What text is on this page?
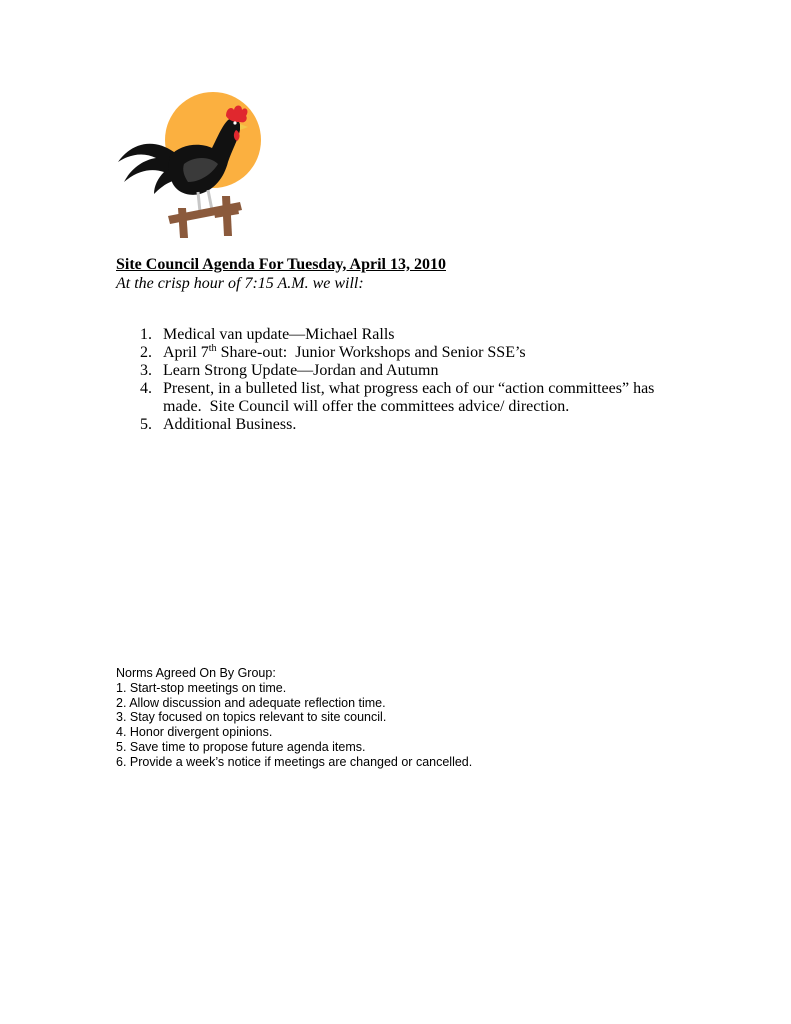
Site Council Agenda For Tuesday, April 13, 2010
At the crisp hour of 7:15 A.M. we will:
1. Medical van update—Michael Ralls
2. April 7th Share-out:  Junior Workshops and Senior SSE’s
3. Learn Strong Update—Jordan and Autumn
4. Present, in a bulleted list, what progress each of our “action committees” has made.  Site Council will offer the committees advice/ direction.
5. Additional Business.
Norms Agreed On By Group:
1. Start-stop meetings on time.
2. Allow discussion and adequate reflection time.
3. Stay focused on topics relevant to site council.
4. Honor divergent opinions.
5. Save time to propose future agenda items.
6. Provide a week’s notice if meetings are changed or cancelled.
